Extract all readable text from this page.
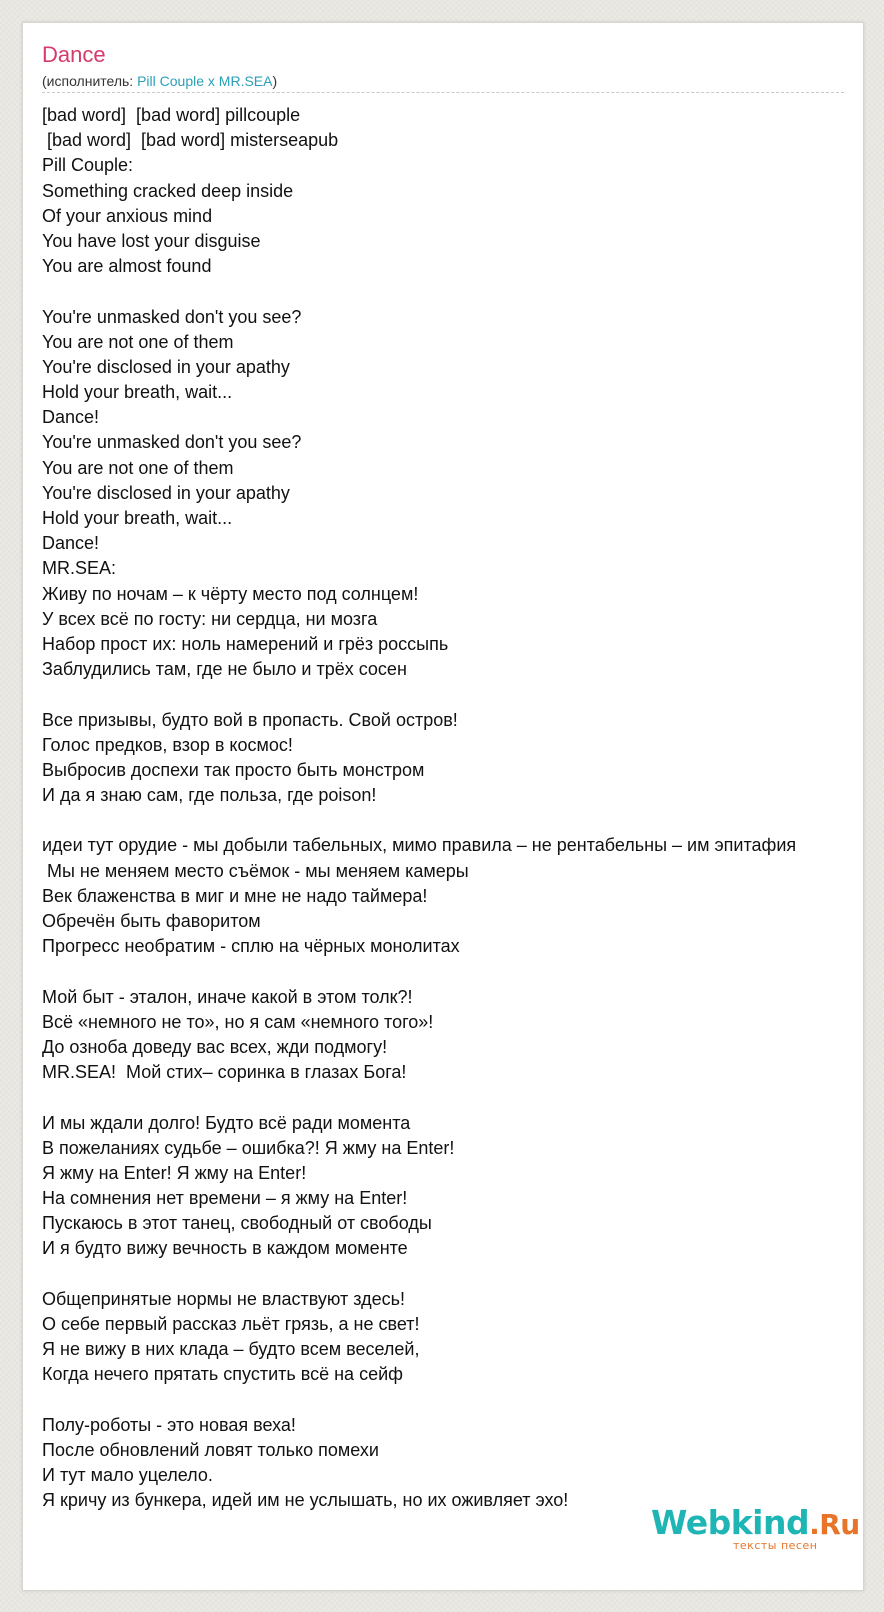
Dance
(исполнитель: Pill Couple x MR.SEA)
[bad word]  [bad word] pillcouple
[bad word]  [bad word] misterseapub
Pill Couple:
Something cracked deep inside
Of your anxious mind
You have lost your disguise
You are almost found
You're unmasked don't you see?
You are not one of them
You're disclosed in your apathy
Hold your breath, wait...
Dance!
You're unmasked don't you see?
You are not one of them
You're disclosed in your apathy
Hold your breath, wait...
Dance!
MR.SEA:
Живу по ночам – к чёрту место под солнцем!
У всех всё по госту: ни сердца, ни мозга
Набор прост их: ноль намерений и грёз россыпь
Заблудились там, где не было и трёх сосен
Все призывы, будто вой в пропасть. Свой остров!
Голос предков, взор в космос!
Выбросив доспехи так просто быть монстром
И да я знаю сам, где польза, где poison!
идеи тут орудие - мы добыли табельных, мимо правила – не рентабельны – им эпитафия
Мы не меняем место съёмок - мы меняем камеры
Век блаженства в миг и мне не надо таймера!
Обречён быть фаворитом
Прогресс необратим - сплю на чёрных монолитах
Мой быт - эталон, иначе какой в этом толк?!
Всё «немного не то», но я сам «немного того»!
До озноба доведу вас всех, жди подмогу!
MR.SEA!  Мой стих– соринка в глазах Бога!
И мы ждали долго! Будто всё ради момента
В пожеланиях судьбе – ошибка?! Я жму на Enter!
Я жму на Enter! Я жму на Enter!
На сомнения нет времени – я жму на Enter!
Пускаюсь в этот танец, свободный от свободы
И я будто вижу вечность в каждом моменте
Общепринятые нормы не властвуют здесь!
О себе первый рассказ льёт грязь, а не свет!
Я не вижу в них клада – будто всем веселей,
Когда нечего прятать спустить всё на сейф
Полу-роботы - это новая веха!
После обновлений ловят только помехи
И тут мало уцелело.
Я кричу из бункера, идей им не услышать, но их оживляет эхо!
Webkind.Ru
тексты песен
